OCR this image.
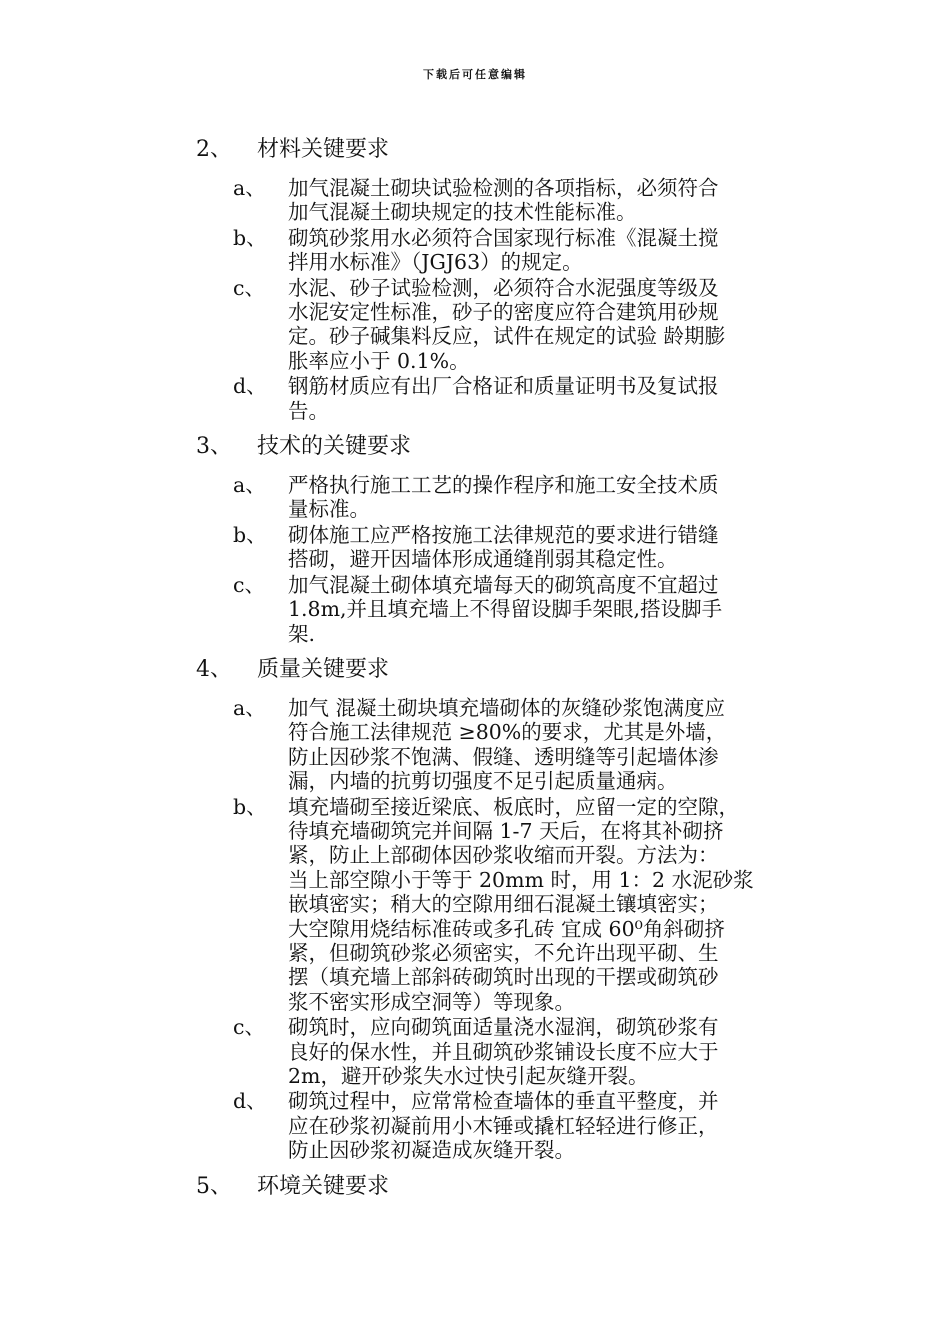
下载后可任意编辑
2、 材料关键要求
a、 加气混凝土砌块试验检测的各项指标，必须符合
加气混凝土砌块规定的技术性能标准。
b、 砌筑砂浆用水必须符合国家现行标准《混凝土搅
拌用水标准》（JGJ63）的规定。
c、 水泥、砂子试验检测，必须符合水泥强度等级及
水泥安定性标准，砂子的密度应符合建筑用砂规
定。砂子碱集料反应，试件在规定的试验 龄期膨
胀率应小于 0.1%。
d、 钢筋材质应有出厂合格证和质量证明书及复试报
告。
3、 技术的关键要求
a、 严格执行施工工艺的操作程序和施工安全技术质
量标准。
b、 砌体施工应严格按施工法律规范的要求进行错缝
搭砌，避开因墙体形成通缝削弱其稳定性。
c、 加气混凝土砌体填充墙每天的砌筑高度不宜超过
1.8m,并且填充墙上不得留设脚手架眼,搭设脚手
架.
4、 质量关键要求
a、 加气 混凝土砌块填充墙砌体的灰缝砂浆饱满度应
符合施工法律规范 ≥80%的要求，尤其是外墙，
防止因砂浆不饱满、假缝、透明缝等引起墙体渗
漏，内墙的抗剪切强度不足引起质量通病。
b、 填充墙砌至接近梁底、板底时，应留一定的空隙，
待填充墙砌筑完并间隔 1-7 天后，在将其补砌挤
紧，防止上部砌体因砂浆收缩而开裂。方法为：
当上部空隙小于等于 20mm 时，用 1：2 水泥砂浆
嵌填密实；稍大的空隙用细石混凝土镶填密实；
大空隙用烧结标准砖或多孔砖 宜成 60⁰角斜砌挤
紧，但砌筑砂浆必须密实，不允许出现平砌、生
摆（填充墙上部斜砖砌筑时出现的干摆或砌筑砂
浆不密实形成空洞等）等现象。
c、 砌筑时，应向砌筑面适量浇水湿润，砌筑砂浆有
良好的保水性，并且砌筑砂浆铺设长度不应大于
2m，避开砂浆失水过快引起灰缝开裂。
d、 砌筑过程中，应常常检查墙体的垂直平整度，并
应在砂浆初凝前用小木锤或撬杠轻轻进行修正，
防止因砂浆初凝造成灰缝开裂。
5、 环境关键要求
